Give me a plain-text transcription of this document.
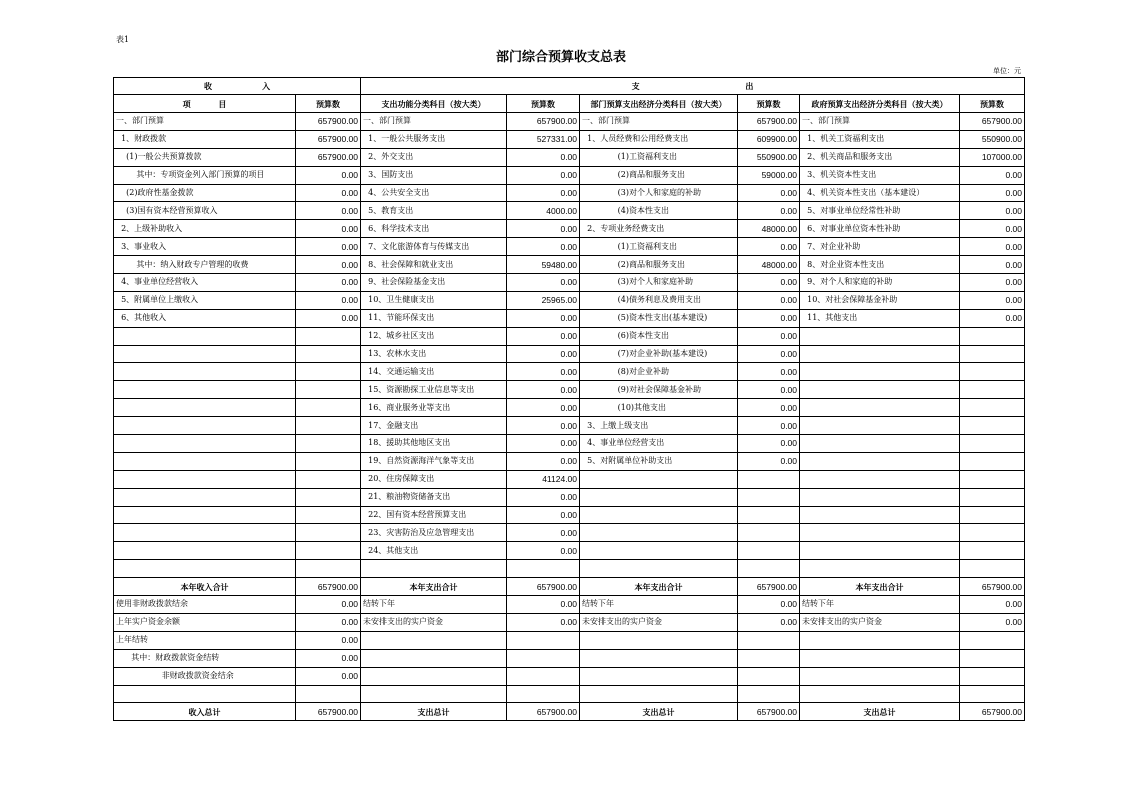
表1
部门综合预算收支总表
单位：元
收                  入		支                                      出					
项          目	预算数	支出功能分类科目（按大类）	预算数	部门预算支出经济分类科目（按大类）	预算数	政府预算支出经济分类科目（按大类）	预算数
一、部门预算	657900.00	一、部门预算	657900.00	一、部门预算	657900.00	一、部门预算	657900.00
1、财政拨款	657900.00	1、一般公共服务支出	527331.00	1、人员经费和公用经费支出	609900.00	1、机关工资福利支出	550900.00
(1)一般公共预算拨款	657900.00	2、外交支出	0.00	(1)工资福利支出	550900.00	2、机关商品和服务支出	107000.00
其中：专项资金列入部门预算的项目	0.00	3、国防支出	0.00	(2)商品和服务支出	59000.00	3、机关资本性支出	0.00
(2)政府性基金拨款	0.00	4、公共安全支出	0.00	(3)对个人和家庭的补助	0.00	4、机关资本性支出（基本建设）	0.00
(3)国有资本经营预算收入	0.00	5、教育支出	4000.00	(4)资本性支出	0.00	5、对事业单位经常性补助	0.00
2、上级补助收入	0.00	6、科学技术支出	0.00	2、专项业务经费支出	48000.00	6、对事业单位资本性补助	0.00
3、事业收入	0.00	7、文化旅游体育与传媒支出	0.00	(1)工资福利支出	0.00	7、对企业补助	0.00
其中：纳入财政专户管理的收费	0.00	8、社会保障和就业支出	59480.00	(2)商品和服务支出	48000.00	8、对企业资本性支出	0.00
4、事业单位经营收入	0.00	9、社会保险基金支出	0.00	(3)对个人和家庭补助	0.00	9、对个人和家庭的补助	0.00
5、附属单位上缴收入	0.00	10、卫生健康支出	25965.00	(4)债务利息及费用支出	0.00	10、对社会保障基金补助	0.00
6、其他收入	0.00	11、节能环保支出	0.00	(5)资本性支出(基本建设)	0.00	11、其他支出	0.00
		12、城乡社区支出	0.00	(6)资本性支出	0.00		
		13、农林水支出	0.00	(7)对企业补助(基本建设)	0.00		
		14、交通运输支出	0.00	(8)对企业补助	0.00		
		15、资源勘探工业信息等支出	0.00	(9)对社会保障基金补助	0.00		
		16、商业服务业等支出	0.00	(10)其他支出	0.00		
		17、金融支出	0.00	3、上缴上级支出	0.00		
		18、援助其他地区支出	0.00	4、事业单位经营支出	0.00		
		19、自然资源海洋气象等支出	0.00	5、对附属单位补助支出	0.00		
		20、住房保障支出	41124.00				
		21、粮油物资储备支出	0.00				
		22、国有资本经营预算支出	0.00				
		23、灾害防治及应急管理支出	0.00				
		24、其他支出	0.00				

本年收入合计	657900.00	本年支出合计	657900.00	本年支出合计	657900.00	本年支出合计	657900.00
使用非财政拨款结余	0.00	结转下年	0.00	结转下年	0.00	结转下年	0.00
上年实户资金余额	0.00	未安排支出的实户资金	0.00	未安排支出的实户资金	0.00	未安排支出的实户资金	0.00
上年结转	0.00						
其中：财政拨款资金结转	0.00						
非财政拨款资金结余	0.00						

收入总计	657900.00	支出总计	657900.00	支出总计	657900.00	支出总计	657900.00
